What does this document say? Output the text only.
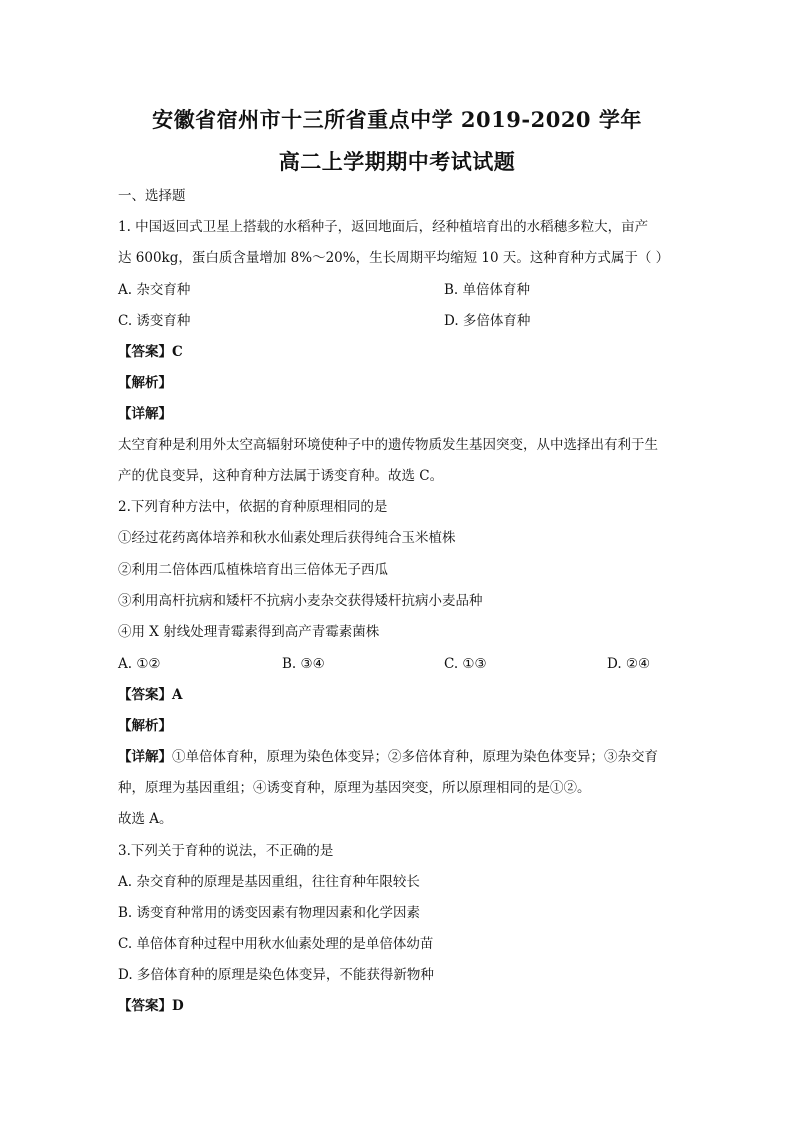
安徽省宿州市十三所省重点中学 2019-2020 学年
高二上学期期中考试试题
一、选择题
1. 中国返回式卫星上搭载的水稻种子，返回地面后，经种植培育出的水稻穗多粒大，亩产
达 600kg，蛋白质含量增加 8%～20%，生长周期平均缩短 10 天。这种育种方式属于（ ）
A. 杂交育种	B. 单倍体育种
C. 诱变育种	D. 多倍体育种
【答案】C
【解析】
【详解】
太空育种是利用外太空高辐射环境使种子中的遗传物质发生基因突变，从中选择出有利于生
产的优良变异，这种育种方法属于诱变育种。故选 C。
2.下列育种方法中，依据的育种原理相同的是
①经过花药离体培养和秋水仙素处理后获得纯合玉米植株
②利用二倍体西瓜植株培育出三倍体无子西瓜
③利用高杆抗病和矮杆不抗病小麦杂交获得矮杆抗病小麦品种
④用 X 射线处理青霉素得到高产青霉素菌株
A. ①②	B. ③④	C. ①③	D. ②④
【答案】A
【解析】
【详解】①单倍体育种，原理为染色体变异；②多倍体育种，原理为染色体变异；③杂交育
种，原理为基因重组；④诱变育种，原理为基因突变，所以原理相同的是①②。
故选 A。
3.下列关于育种的说法，不正确的是
A. 杂交育种的原理是基因重组，往往育种年限较长
B. 诱变育种常用的诱变因素有物理因素和化学因素
C. 单倍体育种过程中用秋水仙素处理的是单倍体幼苗
D. 多倍体育种的原理是染色体变异，不能获得新物种
【答案】D
